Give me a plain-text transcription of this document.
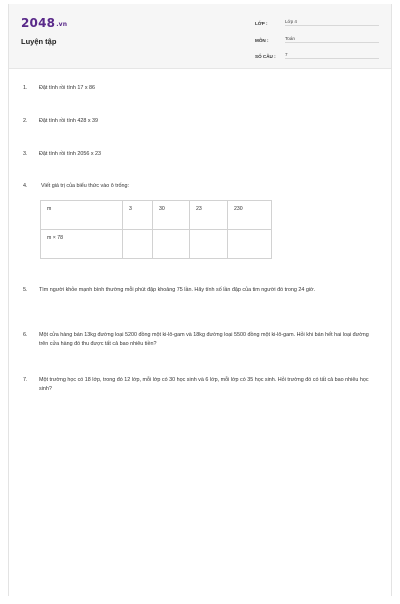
2048.vn
Luyện tập
LỚP :	Lớp 4
MÔN :	Toán
SỐ CÂU :	7
1.	Đặt tính rồi tính 17 x 86
2.	Đặt tính rồi tính 428 x 39
3.	Đặt tính rồi tính 2056 x 23
4.	Viết giá trị của biểu thức vào ô trống:
m	3	30	23	230
m × 78				
5.	Tìm người khỏe mạnh bình thường mỗi phút đập khoảng 75 lần. Hãy tính số lần đập của tim người đó trong 24 giờ.
6.	Một cửa hàng bán 13kg đường loại 5200 đồng một ki-lô-gam và 18kg đường loại 5500 đồng một ki-lô-gam. Hỏi khi bán hết hai loại đường trên cửa hàng đó thu được tất cả bao nhiêu tiền?
7.	Một trường học có 18 lớp, trong đó 12 lớp, mỗi lớp có 30 học sinh và 6 lớp, mỗi lớp có 35 học sinh. Hỏi trường đó có tất cả bao nhiêu học sinh?
